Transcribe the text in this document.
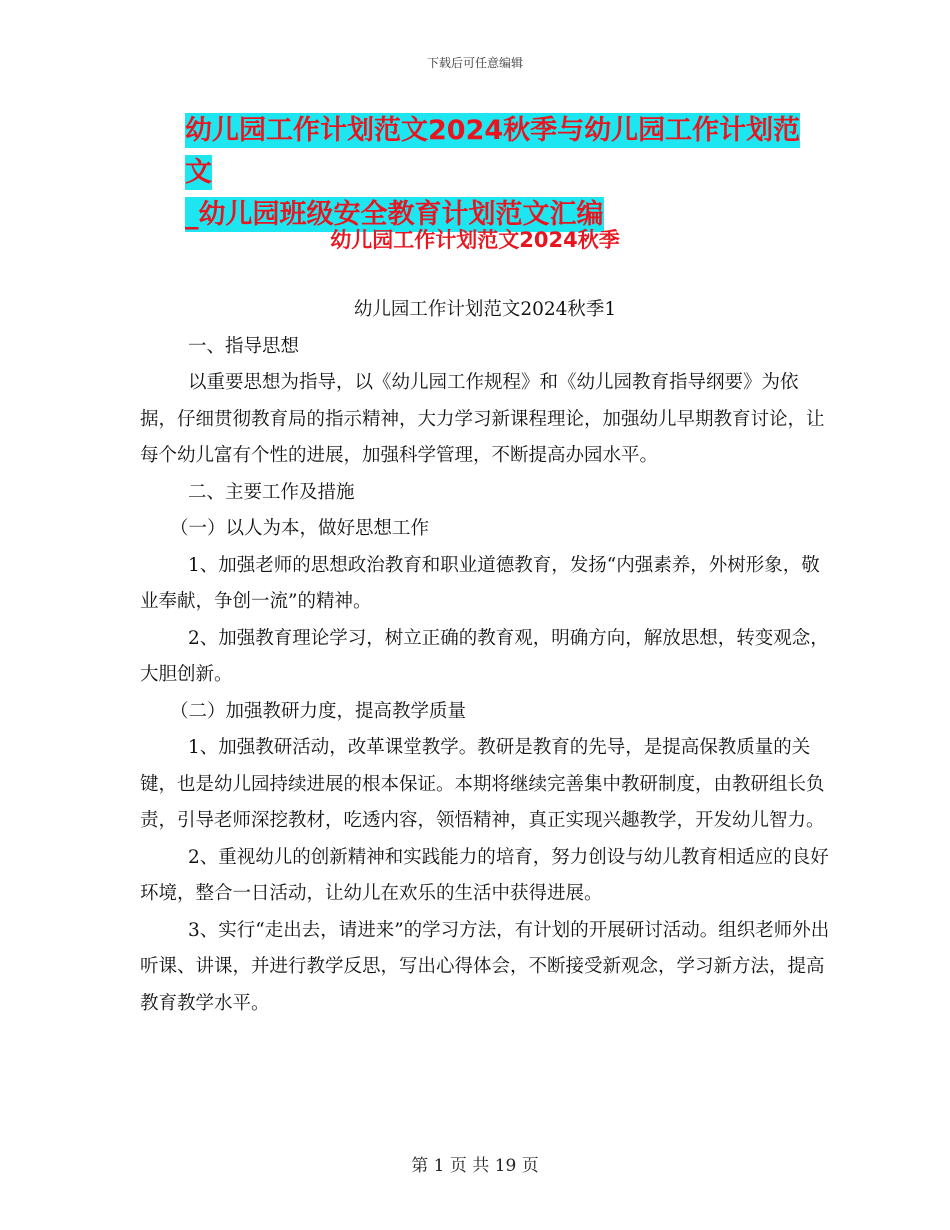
下载后可任意编辑
幼儿园工作计划范文2024秋季与幼儿园工作计划范文
_幼儿园班级安全教育计划范文汇编
幼儿园工作计划范文2024秋季

幼儿园工作计划范文2024秋季1

一、指导思想

以重要思想为指导，以《幼儿园工作规程》和《幼儿园教育指导纲要》为依据，仔细贯彻教育局的指示精神，大力学习新课程理论，加强幼儿早期教育讨论，让每个幼儿富有个性的进展，加强科学管理，不断提高办园水平。

二、主要工作及措施

（一）以人为本，做好思想工作

1、加强老师的思想政治教育和职业道德教育，发扬“内强素养，外树形象，敬业奉献，争创一流”的精神。

2、加强教育理论学习，树立正确的教育观，明确方向，解放思想，转变观念，大胆创新。

（二）加强教研力度，提高教学质量

1、加强教研活动，改革课堂教学。教研是教育的先导，是提高保教质量的关键，也是幼儿园持续进展的根本保证。本期将继续完善集中教研制度，由教研组长负责，引导老师深挖教材，吃透内容，领悟精神，真正实现兴趣教学，开发幼儿智力。

2、重视幼儿的创新精神和实践能力的培育，努力创设与幼儿教育相适应的良好环境，整合一日活动，让幼儿在欢乐的生活中获得进展。

3、实行“走出去，请进来”的学习方法，有计划的开展研讨活动。组织老师外出听课、讲课，并进行教学反思，写出心得体会，不断接受新观念，学习新方法，提高教育教学水平。

第 1 页 共 19 页
